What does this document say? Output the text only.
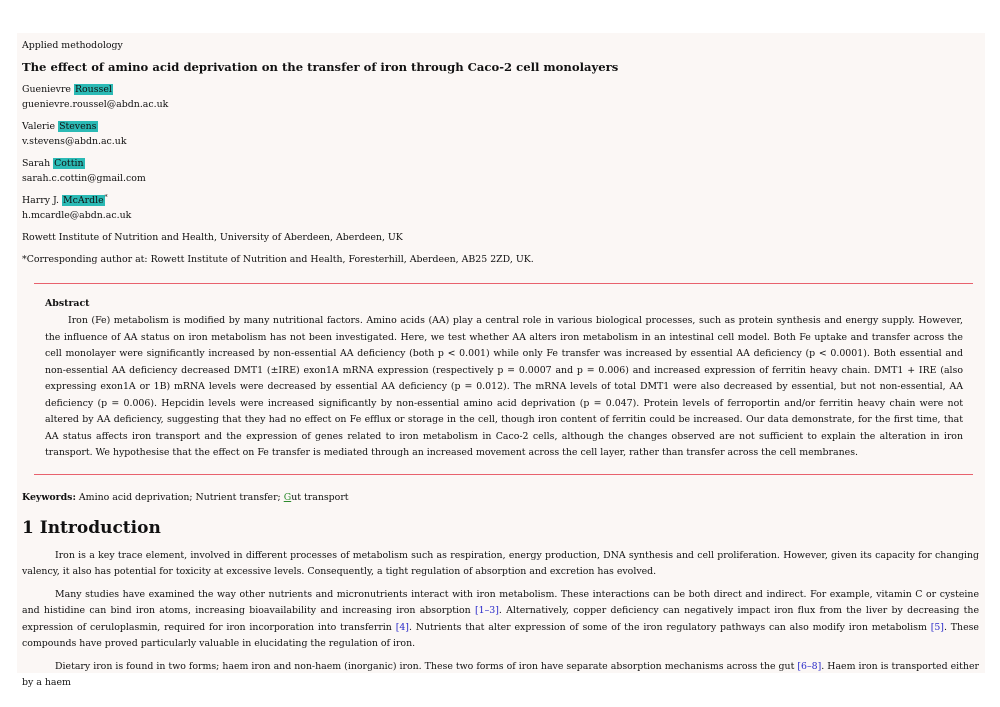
Applied methodology
The effect of amino acid deprivation on the transfer of iron through Caco-2 cell monolayers
Guenievre Roussel
guenievre.roussel@abdn.ac.uk
Valerie Stevens
v.stevens@abdn.ac.uk
Sarah Cottin
sarah.c.cottin@gmail.com
Harry J. McArdle*
h.mcardle@abdn.ac.uk
Rowett Institute of Nutrition and Health, University of Aberdeen, Aberdeen, UK
*Corresponding author at: Rowett Institute of Nutrition and Health, Foresterhill, Aberdeen, AB25 2ZD, UK.
Abstract

Iron (Fe) metabolism is modified by many nutritional factors. Amino acids (AA) play a central role in various biological processes, such as protein synthesis and energy supply. However, the influence of AA status on iron metabolism has not been investigated. Here, we test whether AA alters iron metabolism in an intestinal cell model. Both Fe uptake and transfer across the cell monolayer were significantly increased by non-essential AA deficiency (both p < 0.001) while only Fe transfer was increased by essential AA deficiency (p < 0.0001). Both essential and non-essential AA deficiency decreased DMT1 (±IRE) exon1A mRNA expression (respectively p = 0.0007 and p = 0.006) and increased expression of ferritin heavy chain. DMT1 + IRE (also expressing exon1A or 1B) mRNA levels were decreased by essential AA deficiency (p = 0.012). The mRNA levels of total DMT1 were also decreased by essential, but not non-essential, AA deficiency (p = 0.006). Hepcidin levels were increased significantly by non-essential amino acid deprivation (p = 0.047). Protein levels of ferroportin and/or ferritin heavy chain were not altered by AA deficiency, suggesting that they had no effect on Fe efflux or storage in the cell, though iron content of ferritin could be increased. Our data demonstrate, for the first time, that AA status affects iron transport and the expression of genes related to iron metabolism in Caco-2 cells, although the changes observed are not sufficient to explain the alteration in iron transport. We hypothesise that the effect on Fe transfer is mediated through an increased movement across the cell layer, rather than transfer across the cell membranes.

Keywords: Amino acid deprivation; Nutrient transfer; Gut transport
1 Introduction

Iron is a key trace element, involved in different processes of metabolism such as respiration, energy production, DNA synthesis and cell proliferation. However, given its capacity for changing valency, it also has potential for toxicity at excessive levels. Consequently, a tight regulation of absorption and excretion has evolved.

Many studies have examined the way other nutrients and micronutrients interact with iron metabolism. These interactions can be both direct and indirect. For example, vitamin C or cysteine and histidine can bind iron atoms, increasing bioavailability and increasing iron absorption [1–3]. Alternatively, copper deficiency can negatively impact iron flux from the liver by decreasing the expression of ceruloplasmin, required for iron incorporation into transferrin [4]. Nutrients that alter expression of some of the iron regulatory pathways can also modify iron metabolism [5]. These compounds have proved particularly valuable in elucidating the regulation of iron.

Dietary iron is found in two forms; haem iron and non-haem (inorganic) iron. These two forms of iron have separate absorption mechanisms across the gut [6–8]. Haem iron is transported either by a haem
